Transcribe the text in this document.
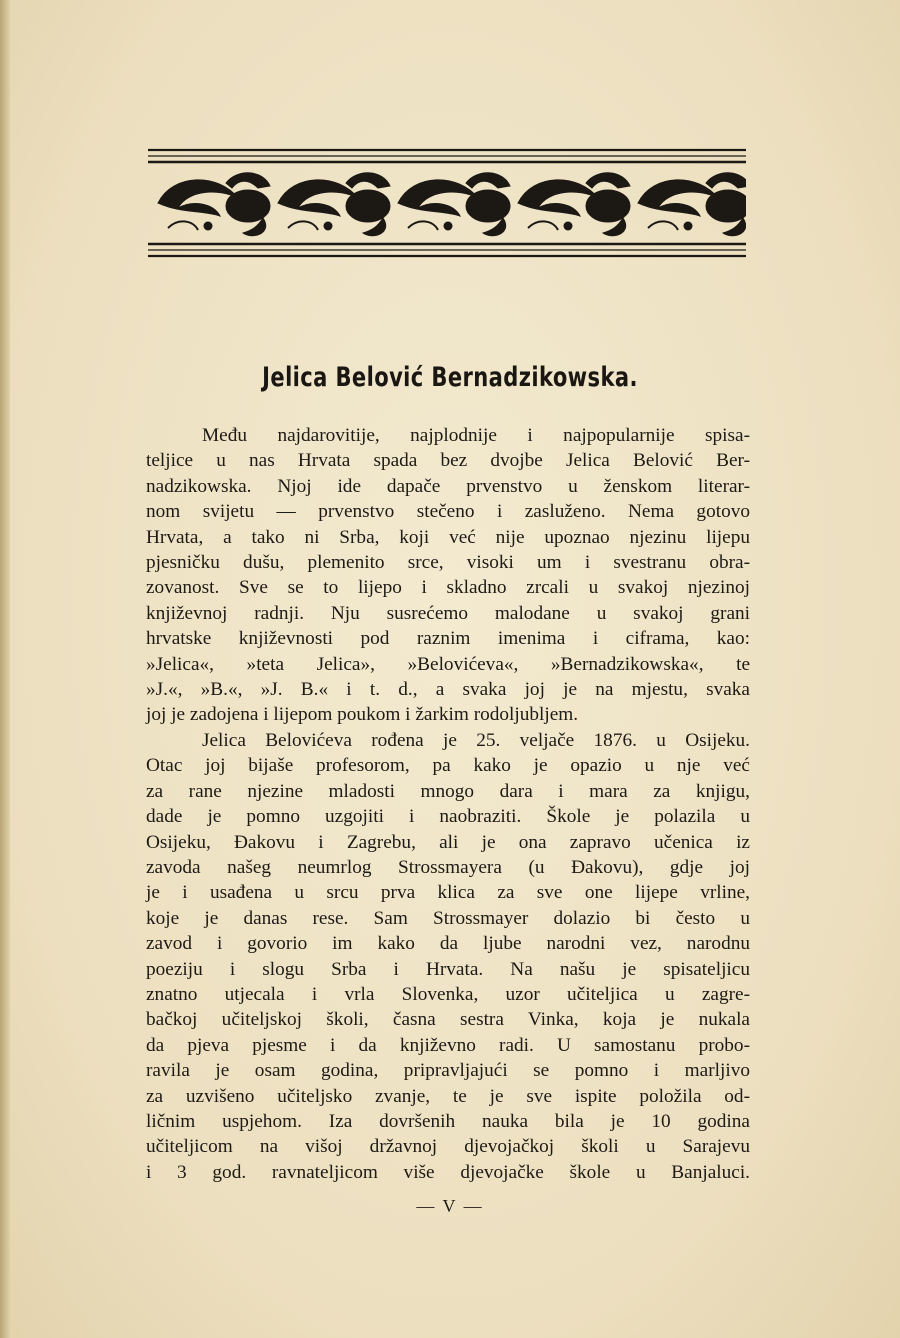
Jelica Belović Bernadzikowska.
Među najdarovitije, najplodnije i najpopularnije spisa-
teljice u nas Hrvata spada bez dvojbe Jelica Belović Ber-
nadzikowska. Njoj ide dapače prvenstvo u ženskom literar-
nom svijetu — prvenstvo stečeno i zasluženo. Nema gotovo
Hrvata, a tako ni Srba, koji već nije upoznao njezinu lijepu
pjesničku dušu, plemenito srce, visoki um i svestranu obra-
zovanost. Sve se to lijepo i skladno zrcali u svakoj njezinoj
književnoj radnji. Nju susrećemo malodane u svakoj grani
hrvatske književnosti pod raznim imenima i ciframa, kao:
»Jelica«, »teta Jelica», »Belovićeva«, »Bernadzikowska«, te
»J.«, »B.«, »J. B.« i t. d., a svaka joj je na mjestu, svaka
joj je zadojena i lijepom poukom i žarkim rodoljubljem.
Jelica Belovićeva rođena je 25. veljače 1876. u Osijeku.
Otac joj bijaše profesorom, pa kako je opazio u nje već
za rane njezine mladosti mnogo dara i mara za knjigu,
dade je pomno uzgojiti i naobraziti. Škole je polazila u
Osijeku, Đakovu i Zagrebu, ali je ona zapravo učenica iz
zavoda našeg neumrlog Strossmayera (u Đakovu), gdje joj
je i usađena u srcu prva klica za sve one lijepe vrline,
koje je danas rese. Sam Strossmayer dolazio bi često u
zavod i govorio im kako da ljube narodni vez, narodnu
poeziju i slogu Srba i Hrvata. Na našu je spisateljicu
znatno utjecala i vrla Slovenka, uzor učiteljica u zagre-
bačkoj učiteljskoj školi, časna sestra Vinka, koja je nukala
da pjeva pjesme i da književno radi. U samostanu probo-
ravila je osam godina, pripravljajući se pomno i marljivo
za uzvišeno učiteljsko zvanje, te je sve ispite položila od-
ličnim uspjehom. Iza dovršenih nauka bila je 10 godina
učiteljicom na višoj državnoj djevojačkoj školi u Sarajevu
i 3 god. ravnateljicom više djevojačke škole u Banjaluci.
— V —
